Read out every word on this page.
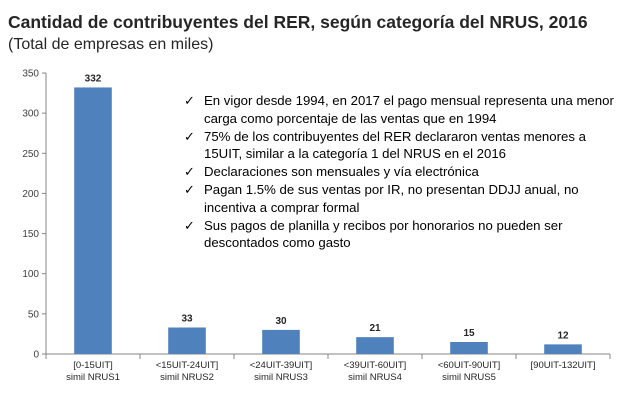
Cantidad de contribuyentes del RER, según categoría del NRUS, 2016

(Total de empresas en miles)

0
50
100
150
200
250
300
350	332
[0-15UIT]
simil NRUS1
33
<15UIT-24UIT]
simil NRUS2
30
<24UIT-39UIT]
simil NRUS3
21
<39UIT-60UIT]
simil NRUS4
15
<60UIT-90UIT]
simil NRUS5
12
[90UIT-132UIT]
✓ En vigor desde 1994, en 2017 el pago mensual representa una menor carga como porcentaje de las ventas que en 1994
✓ 75% de los contribuyentes del RER declararon ventas menores a 15UIT, similar a la categoría 1 del NRUS en el 2016
✓ Declaraciones son mensuales y vía electrónica
✓ Pagan 1.5% de sus ventas por IR, no presentan DDJJ anual, no incentiva a comprar formal
✓ Sus pagos de planilla y recibos por honorarios no pueden ser descontados como gasto
